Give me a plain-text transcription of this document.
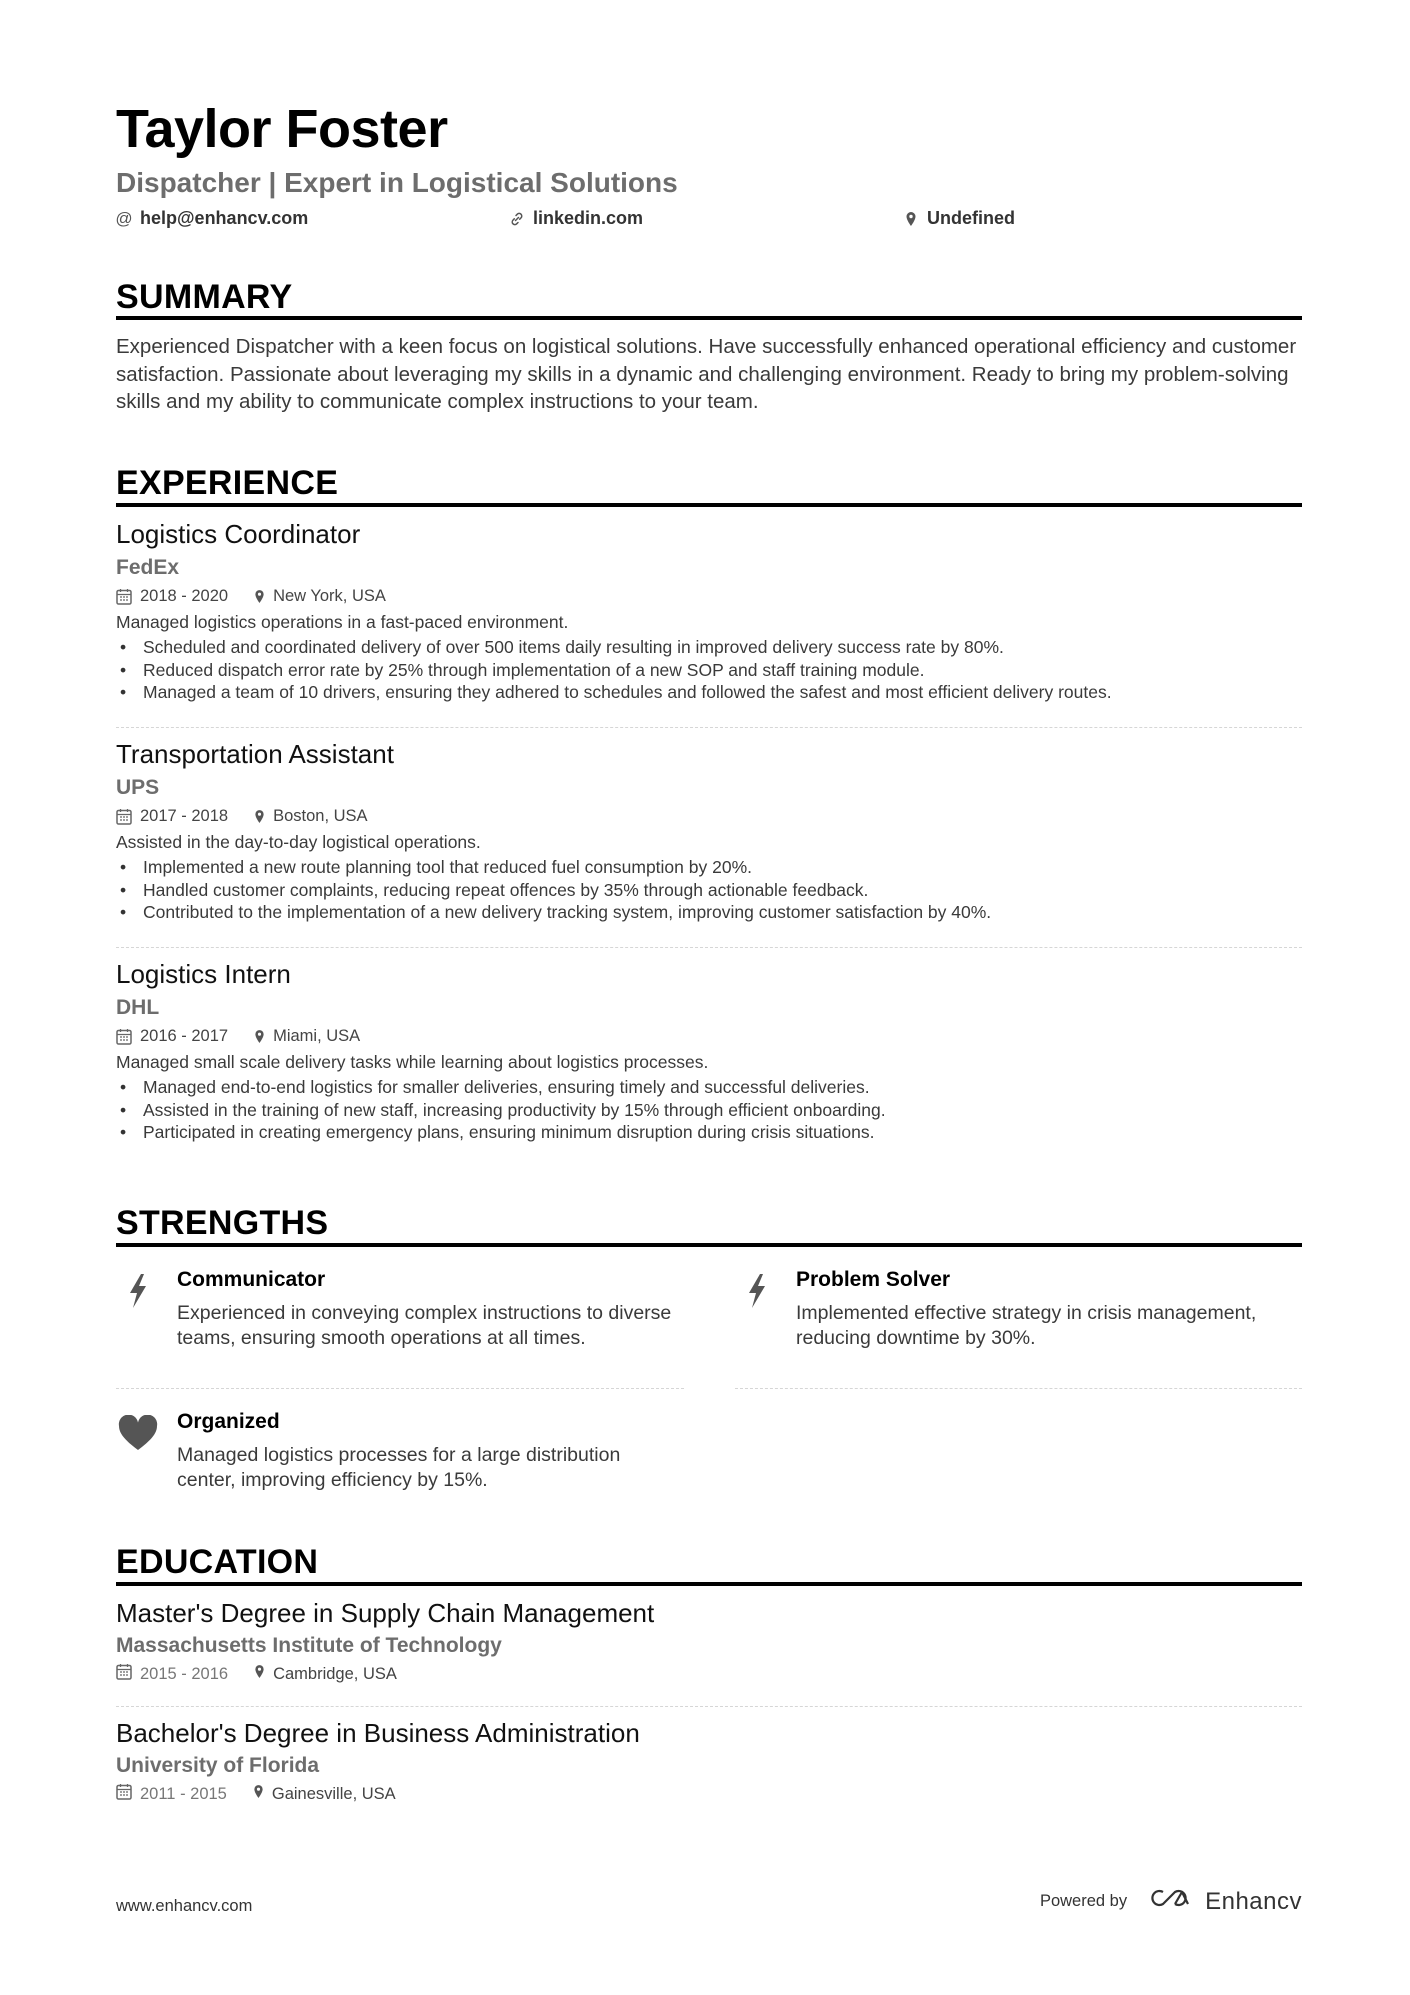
Taylor Foster
Dispatcher | Expert in Logistical Solutions
@ help@enhancv.com	linkedin.com	Undefined
SUMMARY

Experienced Dispatcher with a keen focus on logistical solutions. Have successfully enhanced operational efficiency and customer satisfaction. Passionate about leveraging my skills in a dynamic and challenging environment. Ready to bring my problem-solving skills and my ability to communicate complex instructions to your team.

EXPERIENCE
Logistics Coordinator
FedEx
2018 - 2020	New York, USA
Managed logistics operations in a fast-paced environment.
• Scheduled and coordinated delivery of over 500 items daily resulting in improved delivery success rate by 80%.
• Reduced dispatch error rate by 25% through implementation of a new SOP and staff training module.
• Managed a team of 10 drivers, ensuring they adhered to schedules and followed the safest and most efficient delivery routes.
Transportation Assistant
UPS
2017 - 2018	Boston, USA
Assisted in the day-to-day logistical operations.
• Implemented a new route planning tool that reduced fuel consumption by 20%.
• Handled customer complaints, reducing repeat offences by 35% through actionable feedback.
• Contributed to the implementation of a new delivery tracking system, improving customer satisfaction by 40%.
Logistics Intern
DHL
2016 - 2017	Miami, USA
Managed small scale delivery tasks while learning about logistics processes.
• Managed end-to-end logistics for smaller deliveries, ensuring timely and successful deliveries.
• Assisted in the training of new staff, increasing productivity by 15% through efficient onboarding.
• Participated in creating emergency plans, ensuring minimum disruption during crisis situations.
STRENGTHS
Communicator
Experienced in conveying complex instructions to diverse teams, ensuring smooth operations at all times.
Problem Solver
Implemented effective strategy in crisis management, reducing downtime by 30%.
Organized
Managed logistics processes for a large distribution center, improving efficiency by 15%.
EDUCATION
Master's Degree in Supply Chain Management
Massachusetts Institute of Technology
2015 - 2016	Cambridge, USA
Bachelor's Degree in Business Administration
University of Florida
2011 - 2015	Gainesville, USA
www.enhancv.com	Powered by	Enhancv
